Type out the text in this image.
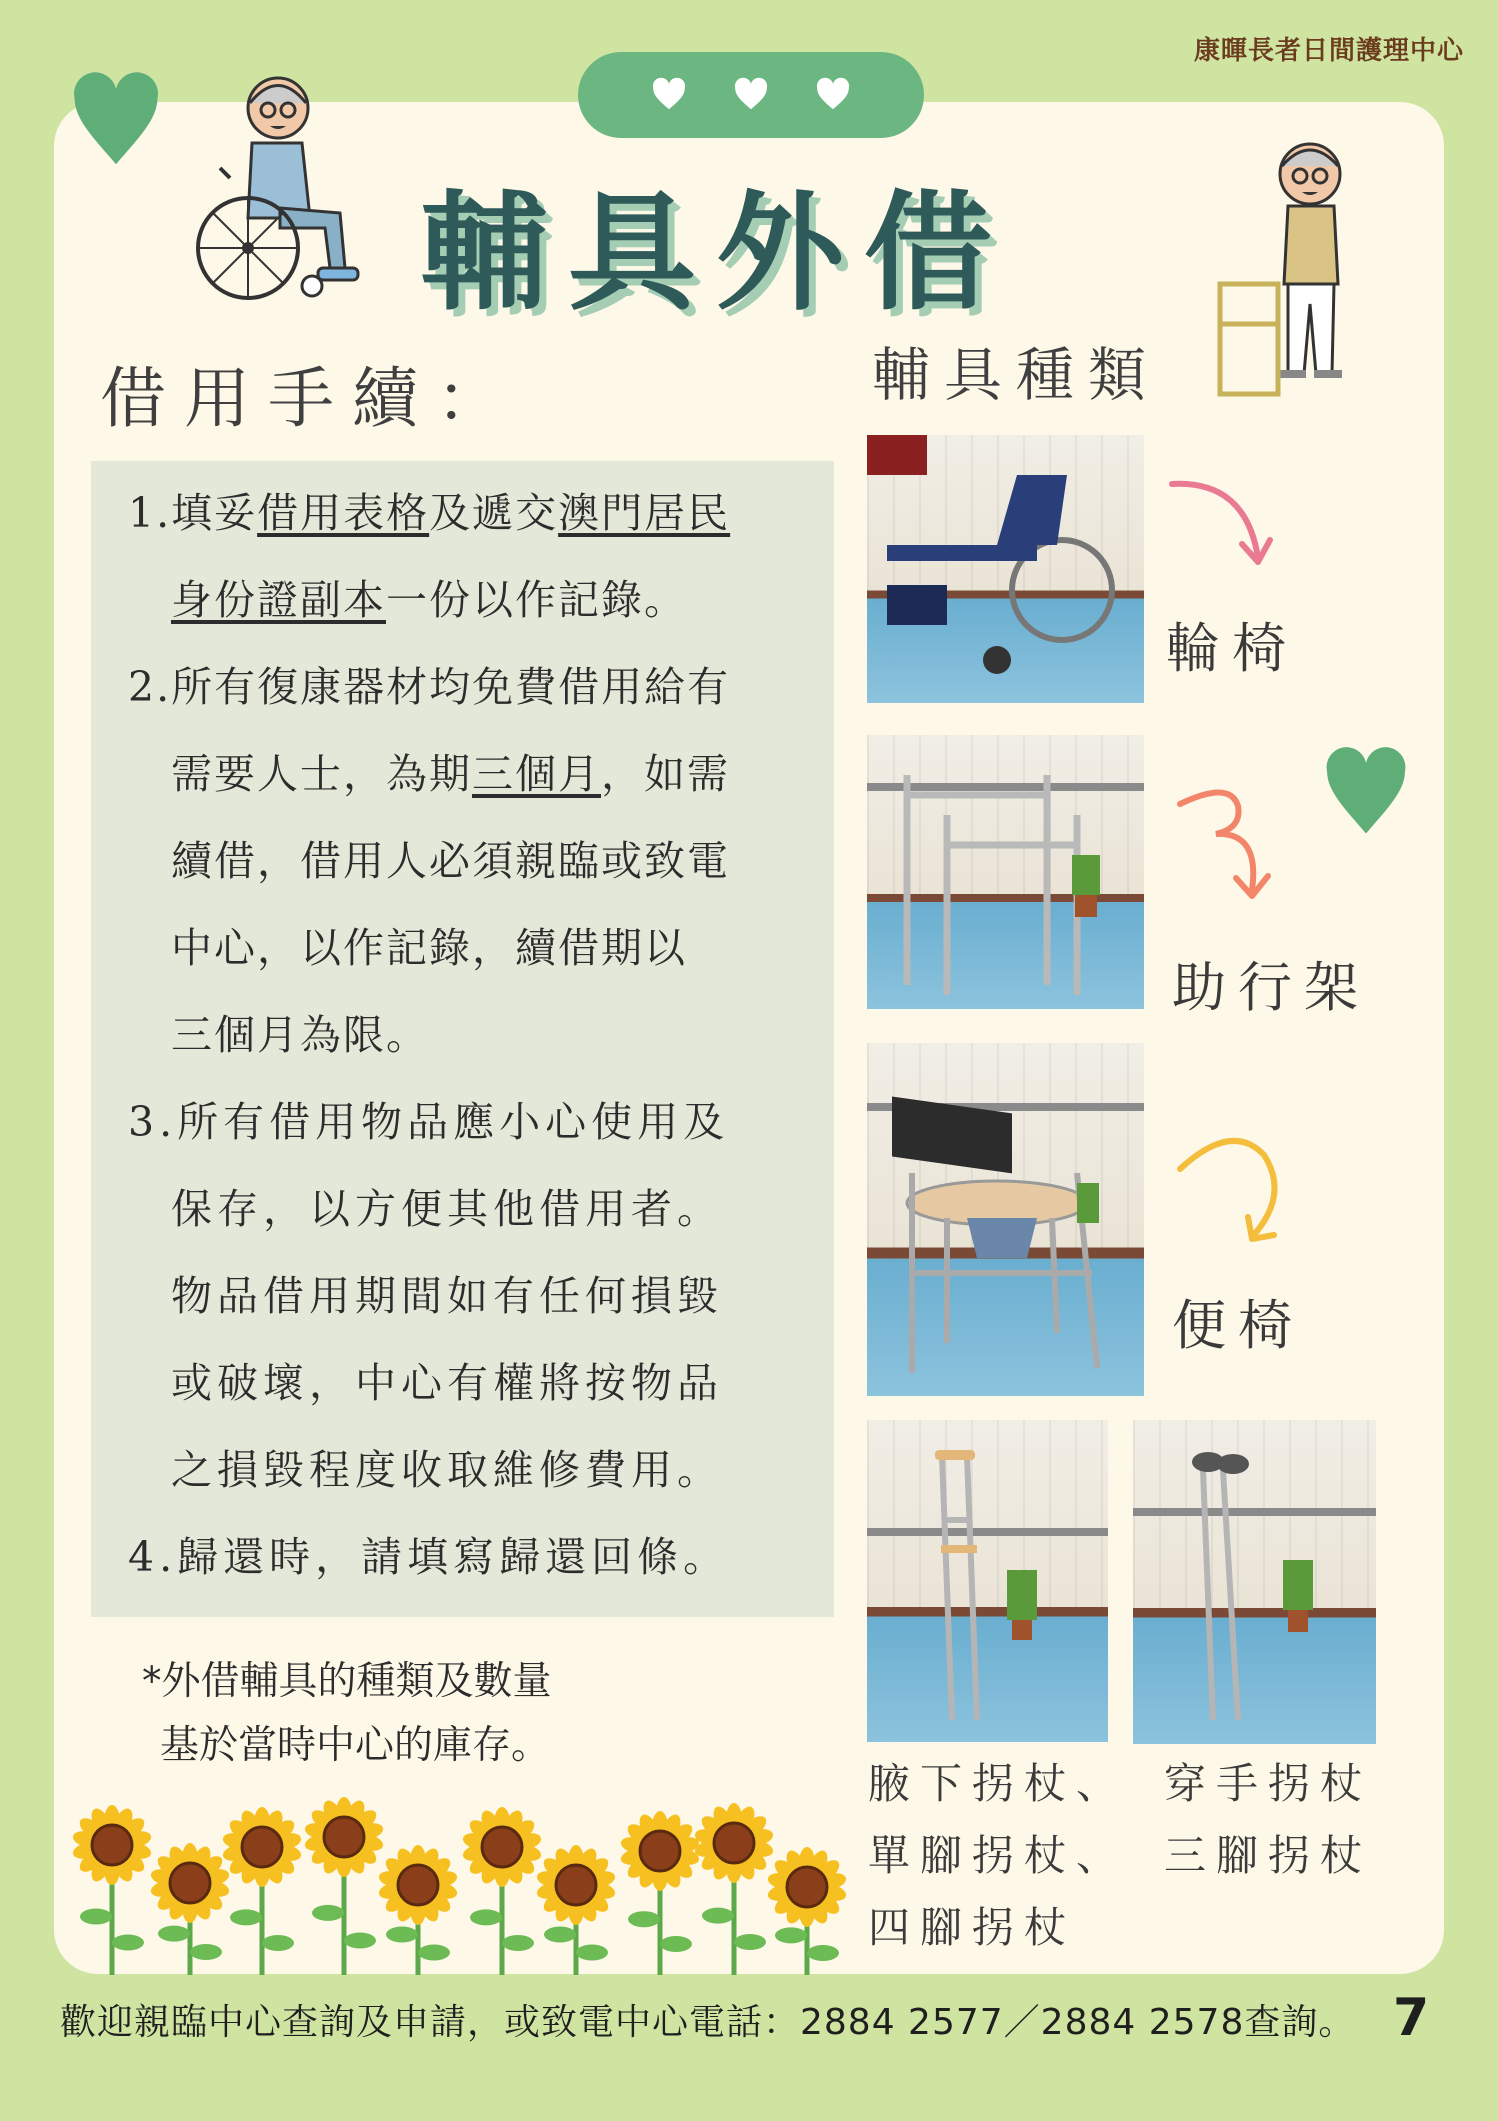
康暉長者日間護理中心
輔具外借
借用手續：	輔具種類
1.填妥借用表格及遞交澳門居民
身份證副本一份以作記錄。
2.所有復康器材均免費借用給有
需要人士，為期三個月，如需
續借，借用人必須親臨或致電
中心，以作記錄，續借期以
三個月為限。
3.所有借用物品應小心使用及
保存，以方便其他借用者。
物品借用期間如有任何損毀
或破壞，中心有權將按物品
之損毀程度收取維修費用。
4.歸還時，請填寫歸還回條。
*外借輔具的種類及數量
基於當時中心的庫存。
輪椅
助行架
便椅
腋下拐杖、
單腳拐杖、
四腳拐杖
穿手拐杖
三腳拐杖
歡迎親臨中心查詢及申請，或致電中心電話：2884 2577／2884 2578查詢。 7
